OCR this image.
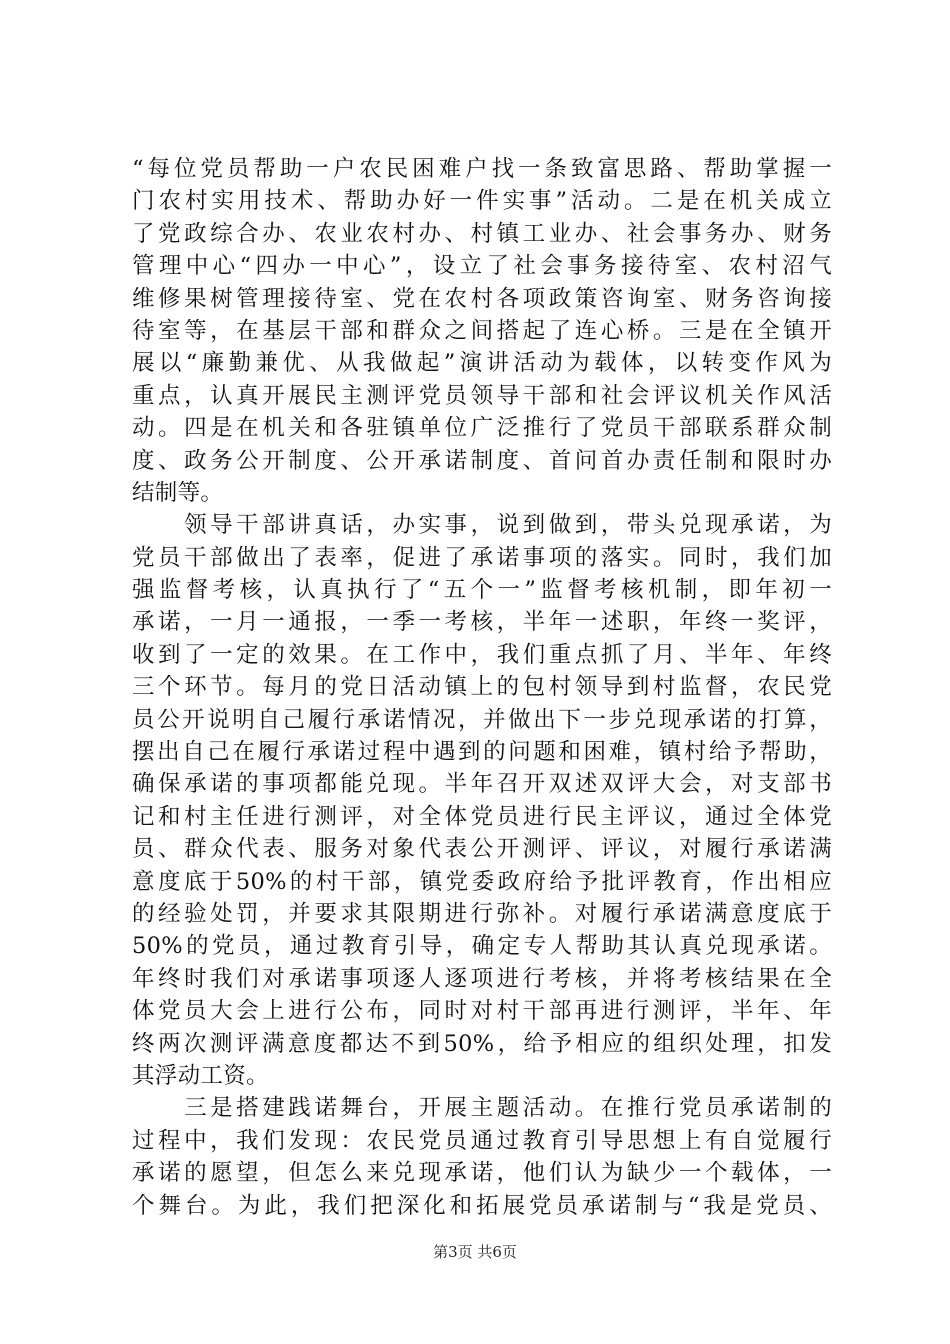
“每位党员帮助一户农民困难户找一条致富思路、帮助掌握一
门农村实用技术、帮助办好一件实事”活动。二是在机关成立
了党政综合办、农业农村办、村镇工业办、社会事务办、财务
管理中心“四办一中心”，设立了社会事务接待室、农村沼气
维修果树管理接待室、党在农村各项政策咨询室、财务咨询接
待室等，在基层干部和群众之间搭起了连心桥。三是在全镇开
展以“廉勤兼优、从我做起”演讲活动为载体，以转变作风为
重点，认真开展民主测评党员领导干部和社会评议机关作风活
动。四是在机关和各驻镇单位广泛推行了党员干部联系群众制
度、政务公开制度、公开承诺制度、首问首办责任制和限时办
结制等。

　　领导干部讲真话，办实事，说到做到，带头兑现承诺，为
党员干部做出了表率，促进了承诺事项的落实。同时，我们加
强监督考核，认真执行了“五个一”监督考核机制，即年初一
承诺，一月一通报，一季一考核，半年一述职，年终一奖评，
收到了一定的效果。在工作中，我们重点抓了月、半年、年终
三个环节。每月的党日活动镇上的包村领导到村监督，农民党
员公开说明自己履行承诺情况，并做出下一步兑现承诺的打算，
摆出自己在履行承诺过程中遇到的问题和困难，镇村给予帮助，
确保承诺的事项都能兑现。半年召开双述双评大会，对支部书
记和村主任进行测评，对全体党员进行民主评议，通过全体党
员、群众代表、服务对象代表公开测评、评议，对履行承诺满
意度底于50%的村干部，镇党委政府给予批评教育，作出相应
的经验处罚，并要求其限期进行弥补。对履行承诺满意度底于
50%的党员，通过教育引导，确定专人帮助其认真兑现承诺。
年终时我们对承诺事项逐人逐项进行考核，并将考核结果在全
体党员大会上进行公布，同时对村干部再进行测评，半年、年
终两次测评满意度都达不到50%，给予相应的组织处理，扣发
其浮动工资。

　　三是搭建践诺舞台，开展主题活动。在推行党员承诺制的
过程中，我们发现：农民党员通过教育引导思想上有自觉履行
承诺的愿望，但怎么来兑现承诺，他们认为缺少一个载体，一
个舞台。为此，我们把深化和拓展党员承诺制与“我是党员、

第3页 共6页
